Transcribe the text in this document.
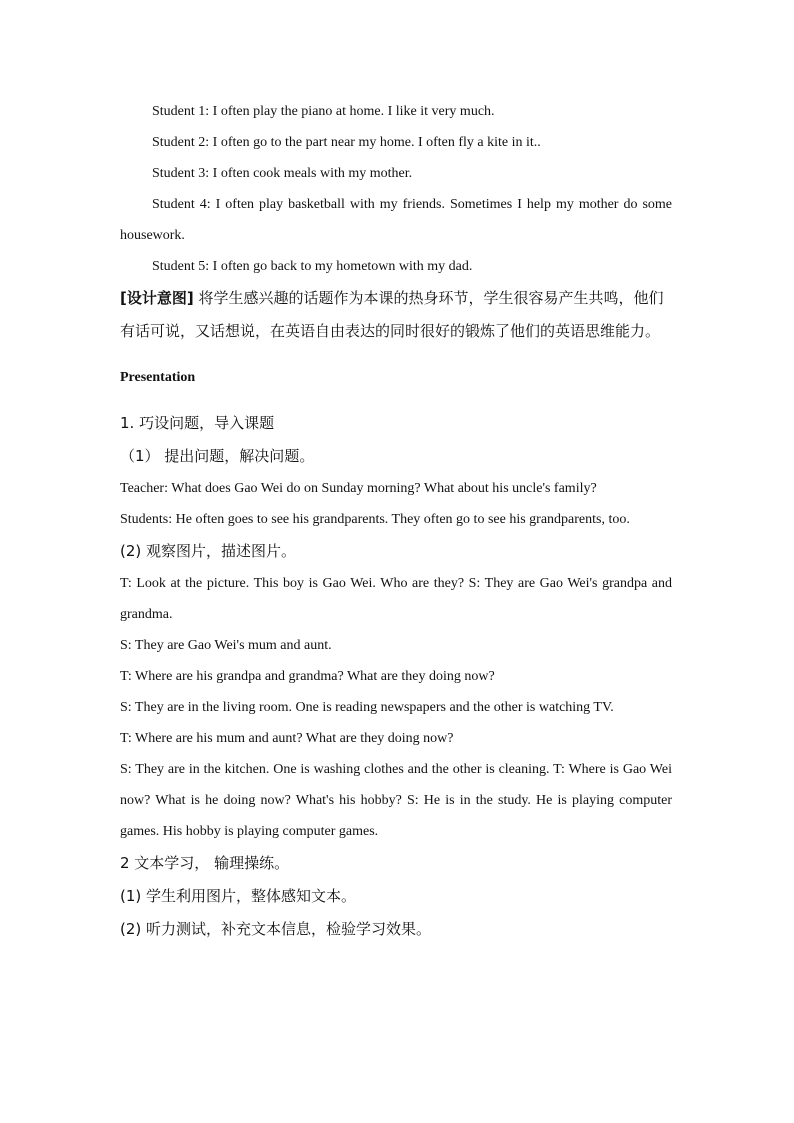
Student 1: I often play the piano at home. I like it very much.

Student 2: I often go to the part near my home. I often fly a kite in it..

Student 3: I often cook meals with my mother.

Student 4: I often play basketball with my friends. Sometimes I help my mother do some housework.

Student 5: I often go back to my hometown with my dad.

[设计意图] 将学生感兴趣的话题作为本课的热身环节，学生很容易产生共鸣，他们有话可说，又话想说，在英语自由表达的同时很好的锻炼了他们的英语思维能力。

Presentation

1. 巧设问题，导入课题

（1） 提出问题，解决问题。

Teacher: What does Gao Wei do on Sunday morning? What about his uncle's family?

Students: He often goes to see his grandparents. They often go to see his grandparents, too.

(2) 观察图片，描述图片。

T: Look at the picture. This boy is Gao Wei. Who are they? S: They are Gao Wei's grandpa and grandma.

S: They are Gao Wei's mum and aunt.

T: Where are his grandpa and grandma? What are they doing now?

S: They are in the living room. One is reading newspapers and the other is watching TV.

T: Where are his mum and aunt? What are they doing now?

S: They are in the kitchen. One is washing clothes and the other is cleaning. T: Where is Gao Wei now? What is he doing now? What's his hobby? S: He is in the study. He is playing computer games. His hobby is playing computer games.

2 文本学习， 输理操练。

(1) 学生利用图片，整体感知文本。

(2) 听力测试，补充文本信息，检验学习效果。
